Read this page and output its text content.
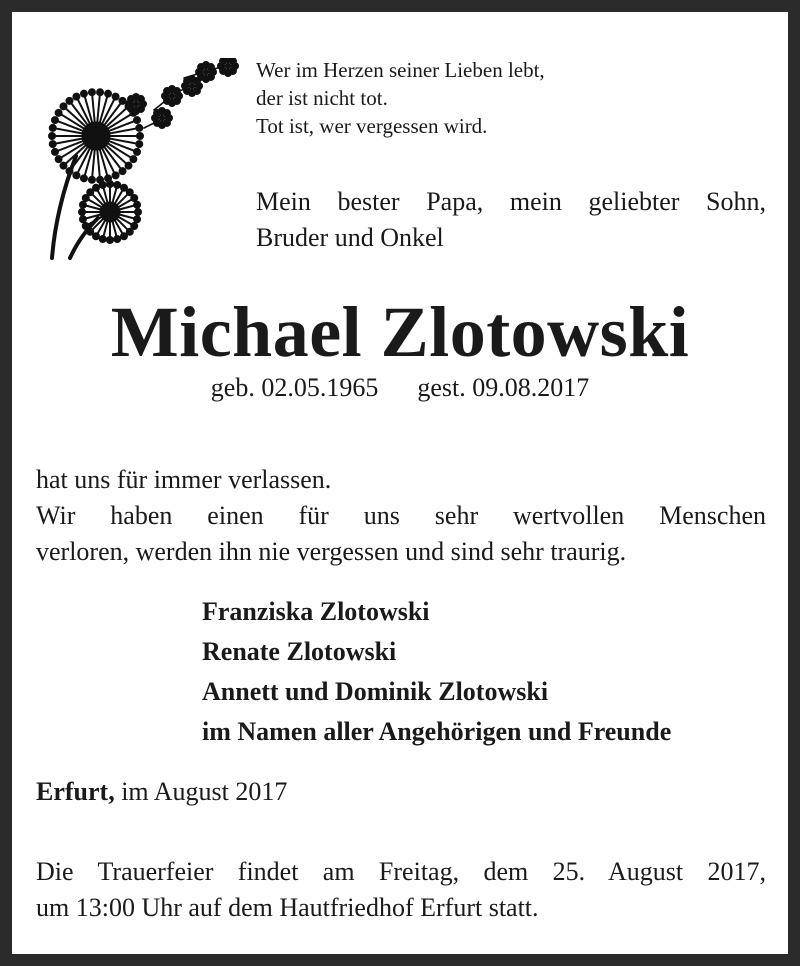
Wer im Herzen seiner Lieben lebt,
der ist nicht tot.
Tot ist, wer vergessen wird.
Mein bester Papa, mein geliebter Sohn,
Bruder und Onkel
Michael Zlotowski
geb. 02.05.1965 gest. 09.08.2017
hat uns für immer verlassen.
Wir haben einen für uns sehr wertvollen Menschen
verloren, werden ihn nie vergessen und sind sehr traurig.
Franziska Zlotowski
Renate Zlotowski
Annett und Dominik Zlotowski
im Namen aller Angehörigen und Freunde
Erfurt, im August 2017
Die Trauerfeier findet am Freitag, dem 25. August 2017,
um 13:00 Uhr auf dem Hautfriedhof Erfurt statt.
